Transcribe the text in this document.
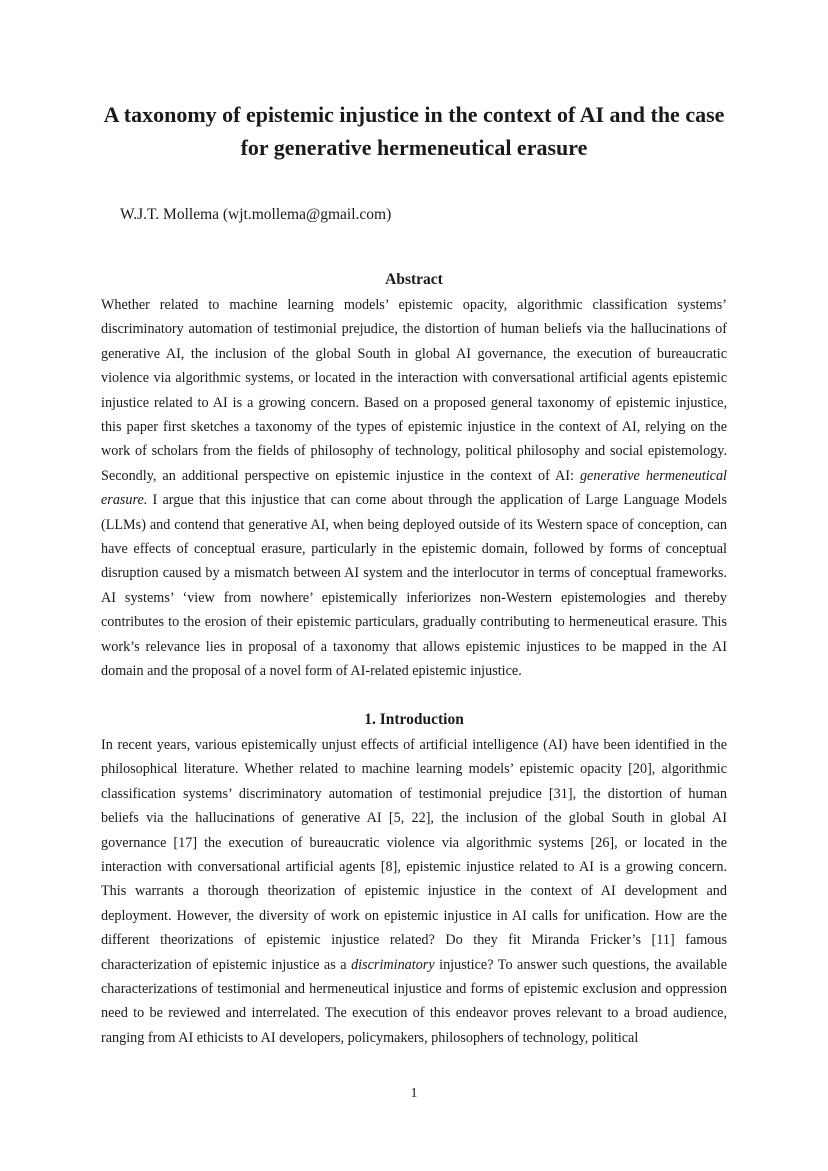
A taxonomy of epistemic injustice in the context of AI and the case for generative hermeneutical erasure
W.J.T. Mollema (wjt.mollema@gmail.com)
Abstract

Whether related to machine learning models’ epistemic opacity, algorithmic classification systems’ discriminatory automation of testimonial prejudice, the distortion of human beliefs via the hallucinations of generative AI, the inclusion of the global South in global AI governance, the execution of bureaucratic violence via algorithmic systems, or located in the interaction with conversational artificial agents epistemic injustice related to AI is a growing concern. Based on a proposed general taxonomy of epistemic injustice, this paper first sketches a taxonomy of the types of epistemic injustice in the context of AI, relying on the work of scholars from the fields of philosophy of technology, political philosophy and social epistemology. Secondly, an additional perspective on epistemic injustice in the context of AI: generative hermeneutical erasure. I argue that this injustice that can come about through the application of Large Language Models (LLMs) and contend that generative AI, when being deployed outside of its Western space of conception, can have effects of conceptual erasure, particularly in the epistemic domain, followed by forms of conceptual disruption caused by a mismatch between AI system and the interlocutor in terms of conceptual frameworks. AI systems’ ‘view from nowhere’ epistemically inferiorizes non-Western epistemologies and thereby contributes to the erosion of their epistemic particulars, gradually contributing to hermeneutical erasure. This work’s relevance lies in proposal of a taxonomy that allows epistemic injustices to be mapped in the AI domain and the proposal of a novel form of AI-related epistemic injustice.

1. Introduction

In recent years, various epistemically unjust effects of artificial intelligence (AI) have been identified in the philosophical literature. Whether related to machine learning models’ epistemic opacity [20], algorithmic classification systems’ discriminatory automation of testimonial prejudice [31], the distortion of human beliefs via the hallucinations of generative AI [5, 22], the inclusion of the global South in global AI governance [17] the execution of bureaucratic violence via algorithmic systems [26], or located in the interaction with conversational artificial agents [8], epistemic injustice related to AI is a growing concern. This warrants a thorough theorization of epistemic injustice in the context of AI development and deployment. However, the diversity of work on epistemic injustice in AI calls for unification. How are the different theorizations of epistemic injustice related? Do they fit Miranda Fricker’s [11] famous characterization of epistemic injustice as a discriminatory injustice? To answer such questions, the available characterizations of testimonial and hermeneutical injustice and forms of epistemic exclusion and oppression need to be reviewed and interrelated. The execution of this endeavor proves relevant to a broad audience, ranging from AI ethicists to AI developers, policymakers, philosophers of technology, political

1
